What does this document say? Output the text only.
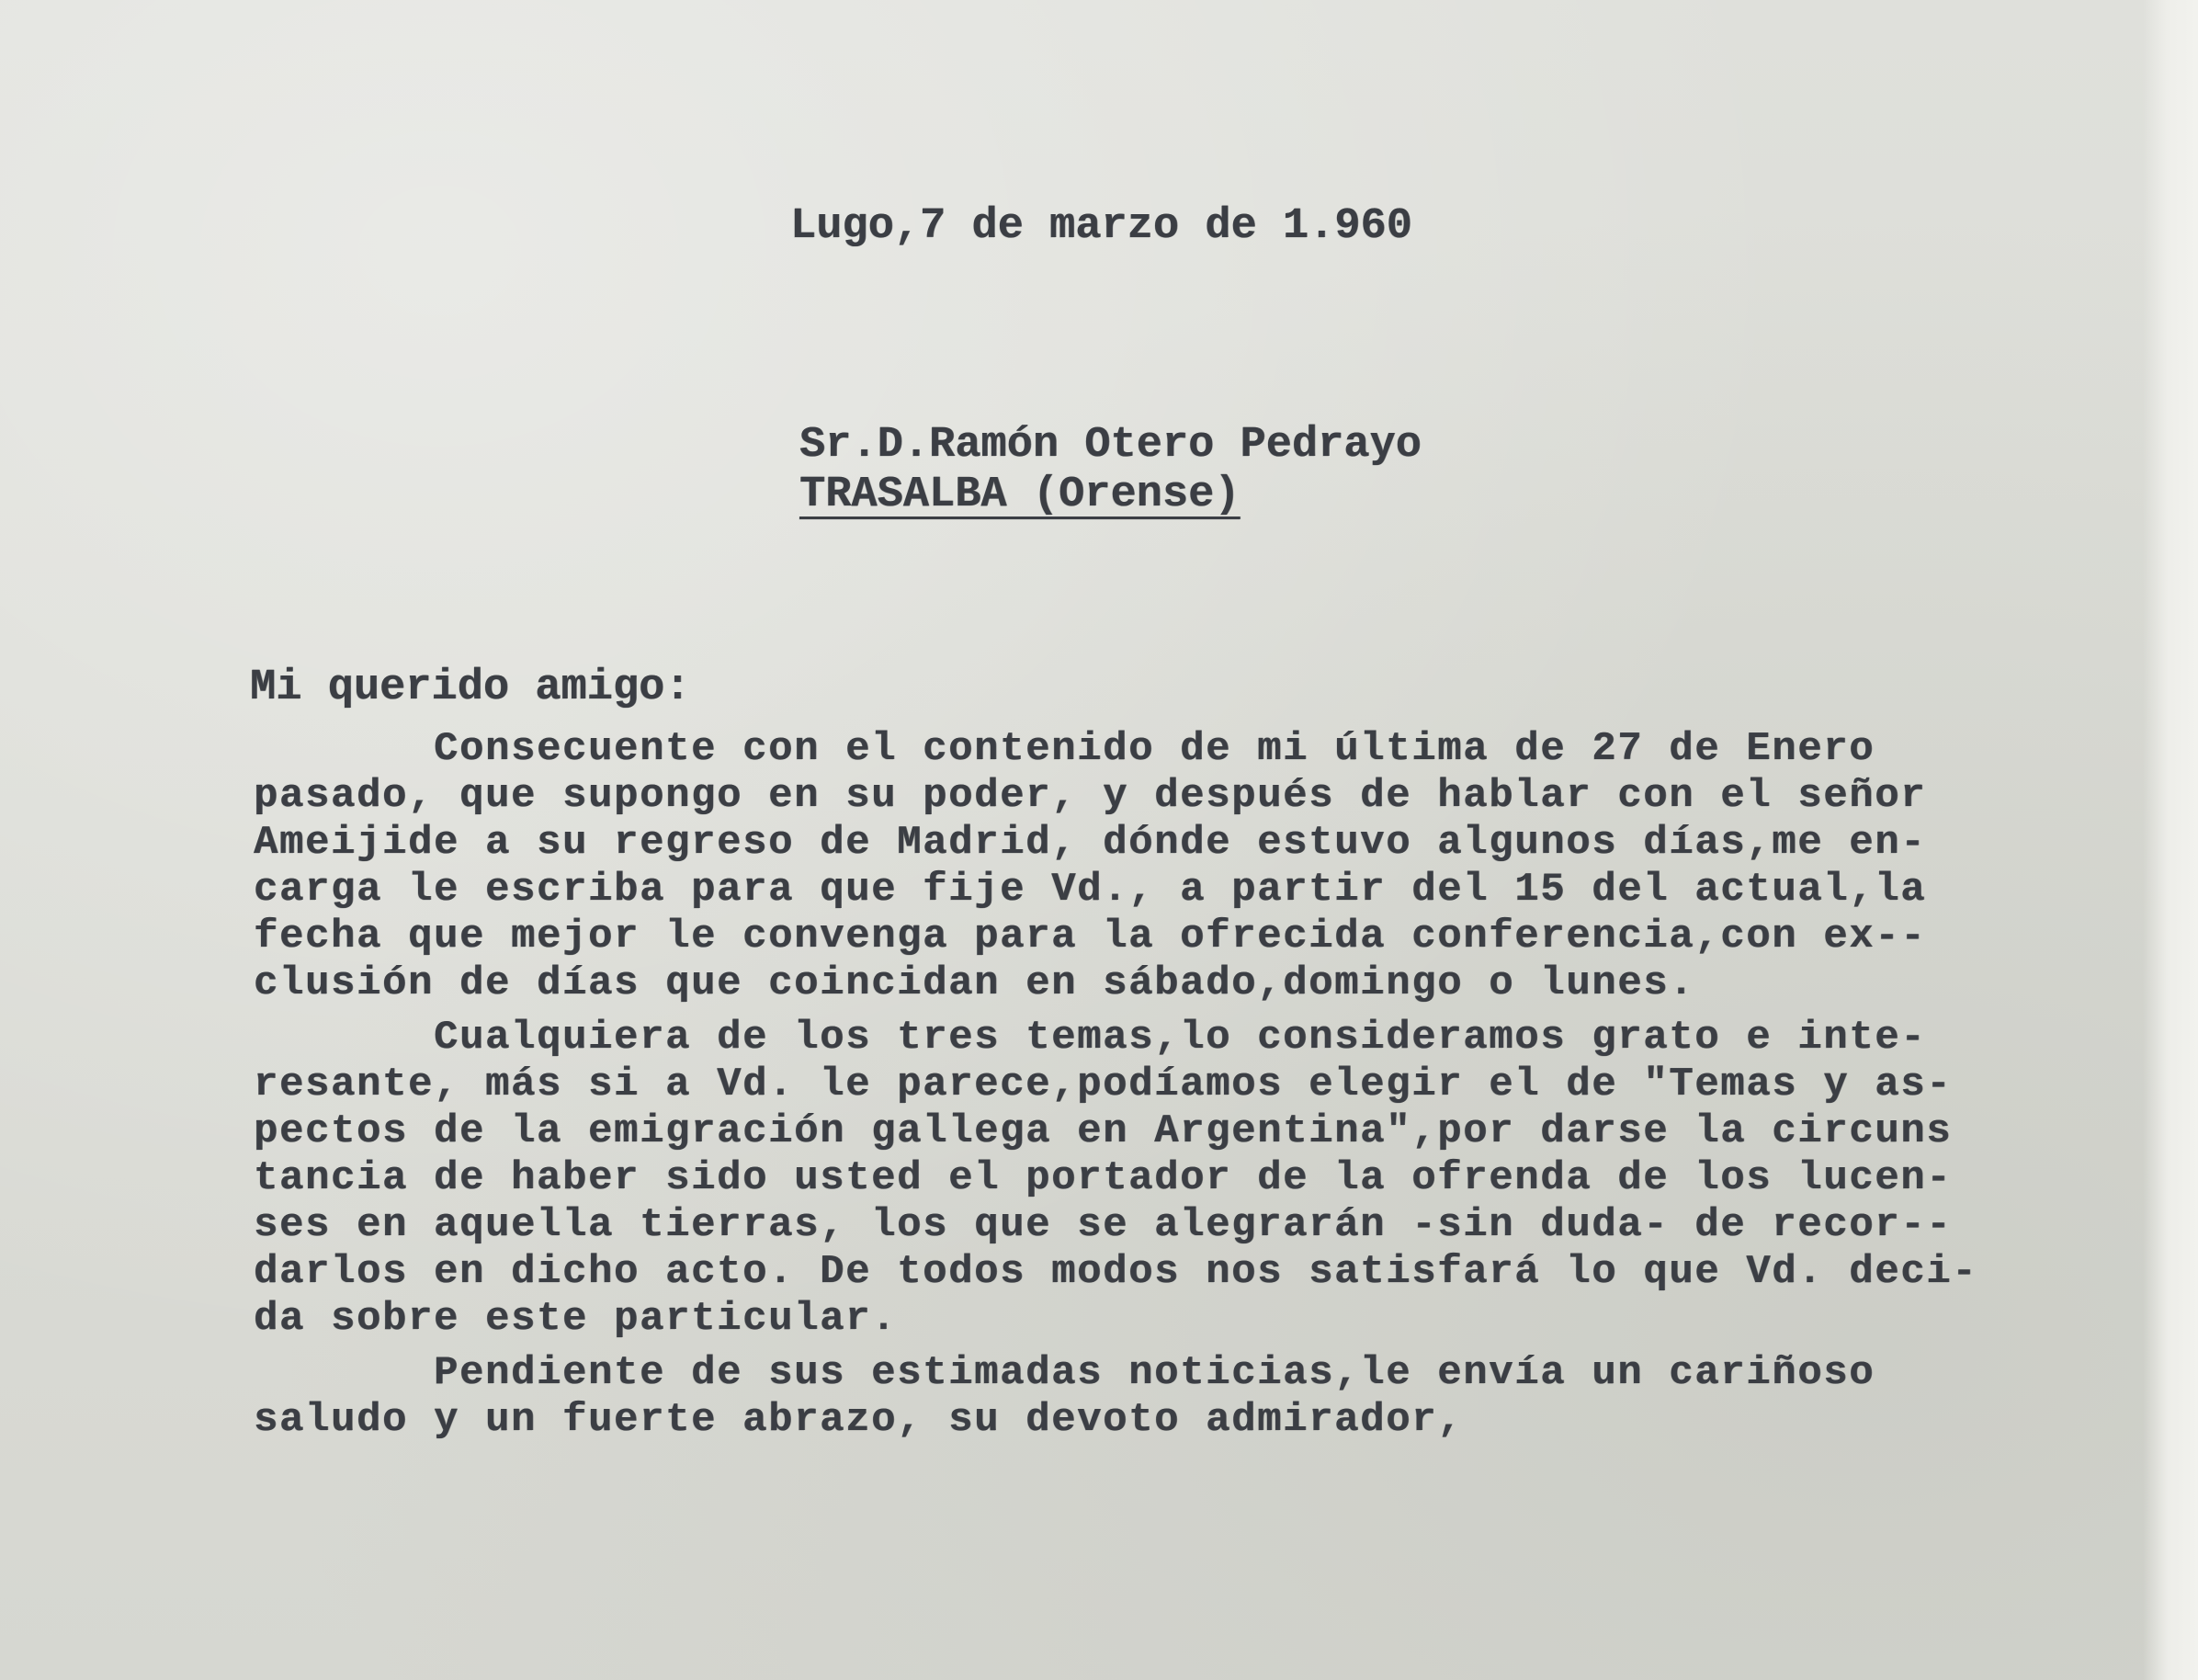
Lugo,7 de marzo de 1.960
Sr.D.Ramón Otero Pedrayo
TRASALBA (Orense)
Mi querido amigo:
Consecuente con el contenido de mi última de 27 de Enero
pasado, que supongo en su poder, y después de hablar con el señor
Ameijide a su regreso de Madrid, dónde estuvo algunos días,me en-
carga le escriba para que fije Vd., a partir del 15 del actual,la
fecha que mejor le convenga para la ofrecida conferencia,con ex--
clusión de días que coincidan en sábado,domingo o lunes.
Cualquiera de los tres temas,lo consideramos grato e inte-
resante, más si a Vd. le parece,podíamos elegir el de "Temas y as-
pectos de la emigración gallega en Argentina",por darse la circuns
tancia de haber sido usted el portador de la ofrenda de los lucen-
ses en aquella tierras, los que se alegrarán -sin duda- de recor--
darlos en dicho acto. De todos modos nos satisfará lo que Vd. deci-
da sobre este particular.
Pendiente de sus estimadas noticias,le envía un cariñoso
saludo y un fuerte abrazo, su devoto admirador,
